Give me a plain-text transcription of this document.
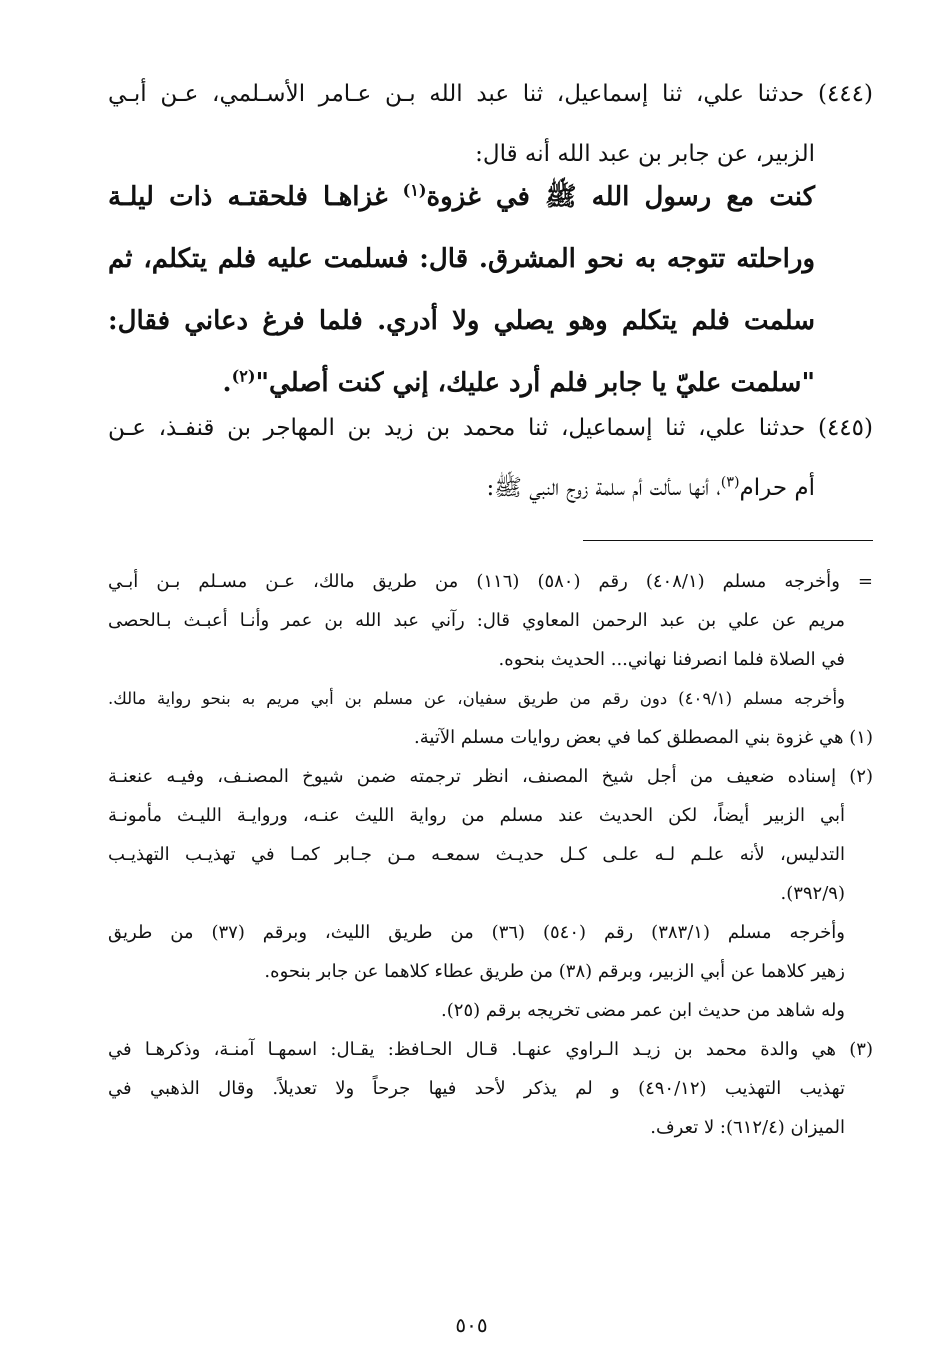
(٤٤٤) حدثنا علي، ثنا إسماعيل، ثنا عبد الله بـن عـامر الأسـلمي، عـن أبـي
الزبير، عن جابر بن عبد الله أنه قال:
كنت مع رسول الله ﷺ في غزوة$^{(١)}$ غزاهـا فلحقتـه ذات ليلـة
وراحلته تتوجه به نحو المشرق. قال: فسلمت عليه فلم يتكلم، ثم
سلمت فلم يتكلم وهو يصلي ولا أدري. فلما فرغ دعاني فقال:
"سلمت عليّ يا جابر فلم أرد عليك، إني كنت أصلي"$^{(٢)}$.
(٤٤٥) حدثنا علي، ثنا إسماعيل، ثنا محمد بن زيد بن المهاجر بن قنفـذ، عـن
أم حرام$^{(٣)}$، أنها سألت أم سلمة زوج النبي ﷺ:
= وأخرجه مسلم (٤٠٨/١) رقم (٥٨٠) (١١٦) من طريق مالك، عـن مسـلم بـن أبـي
مريم عن علي بن عبد الرحمن المعاوي قال: رآني عبد الله بن عمر وأنـا أعبـث بـالحصى
في الصلاة فلما انصرفنا نهاني... الحديث بنحوه.
وأخرجه مسلم (٤٠٩/١) دون رقم من طريق سفيان، عن مسلم بن أبي مريم به بنحو رواية مالك.
(١) هي غزوة بني المصطلق كما في بعض روايات مسلم الآتية.
(٢) إسناده ضعيف من أجل شيخ المصنف، انظر ترجمته ضمن شيوخ المصنـف، وفيـه عنعنـة
أبي الزبير أيضاً، لكن الحديث عند مسلم من رواية الليث عنـه، وروايـة الليـث مأمونـة
التدليس، لأنه علـم لـه علـى كـل حديـث سمعـه مـن جـابر كمـا في تهذيـب التهذيـب
(٣٩٢/٩).
وأخرجه مسلم (٣٨٣/١) رقم (٥٤٠) (٣٦) من طريق الليث، وبرقم (٣٧) من طريق
زهير كلاهما عن أبي الزبير، وبرقم (٣٨) من طريق عطاء كلاهما عن جابر بنحوه.
وله شاهد من حديث ابن عمر مضى تخريجه برقم (٢٥).
(٣) هي والدة محمد بن زيـد الـراوي عنهـا. قـال الحـافظ: يقـال: اسمهـا آمنـة، وذكرهـا في
تهذيب التهذيب (٤٩٠/١٢) و لم يذكر لأحد فيها جرحاً ولا تعديلاً. وقال الذهبي في
الميزان (٦١٢/٤): لا تعرف.
٥٠٥
